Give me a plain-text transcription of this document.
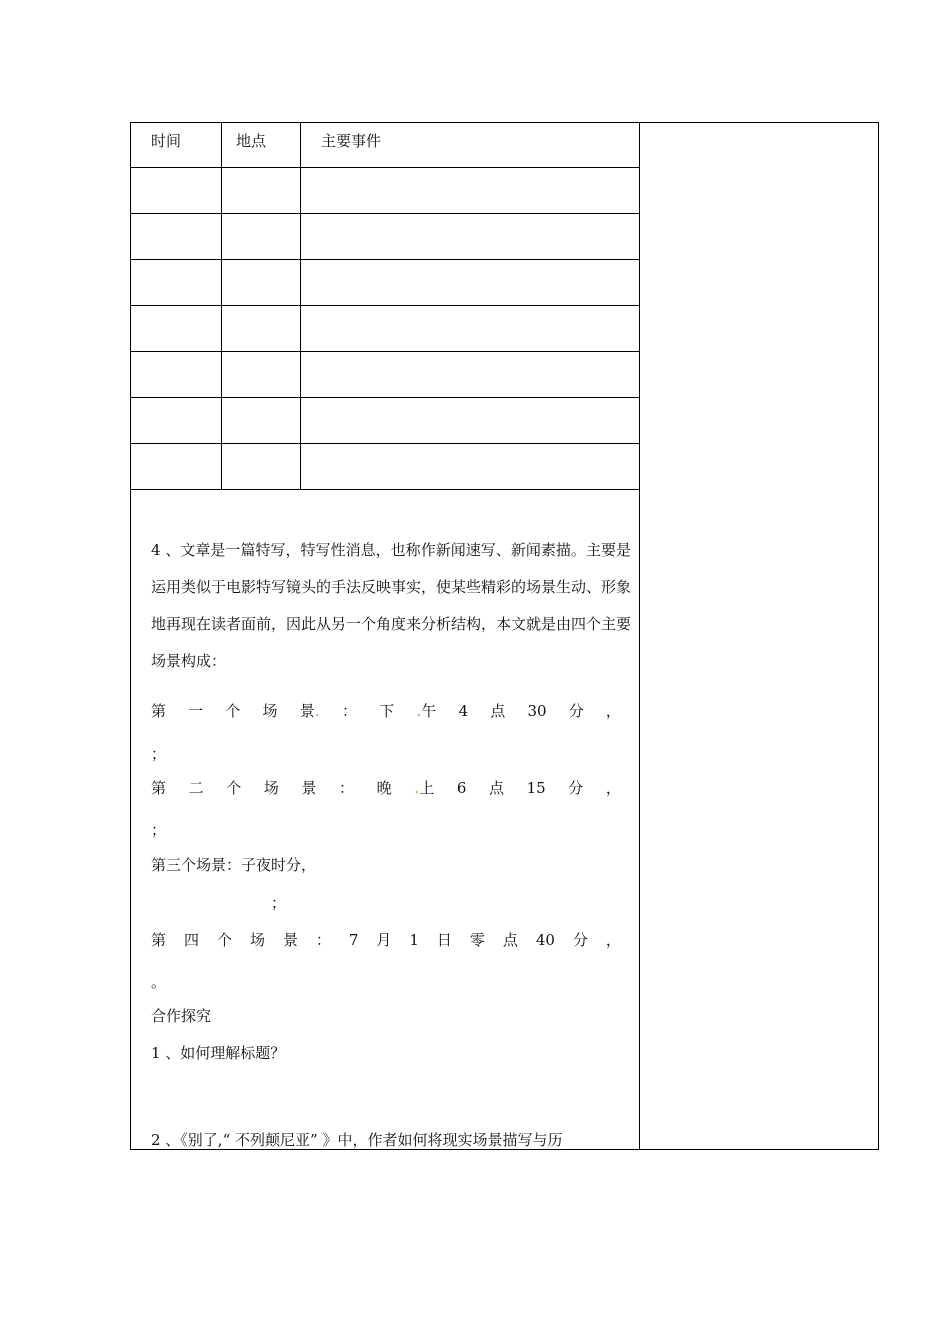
时间	地点	主要事件

4 、文章是一篇特写，特写性消息，也称作新闻速写、新闻素描。主要是运用类似于电影特写镜头的手法反映事实，使某些精彩的场景生动、形象地再现在读者面前，因此从另一个角度来分析结构，本文就是由四个主要场景构成：
第 一 个 场 景. ： 下 .午 4 点 30 分 ，
；
第 二 个 场 景 ： 晚 .上 6 点 15 分 ，
；
第三个场景：子夜时分，
；
第 四 个 场 景 ： 7 月 1 日 零 点 40 分 ，
。
合作探究
1 、如何理解标题？
2 、《别了,“ 不列颠尼亚” 》中，作者如何将现实场景描写与历
